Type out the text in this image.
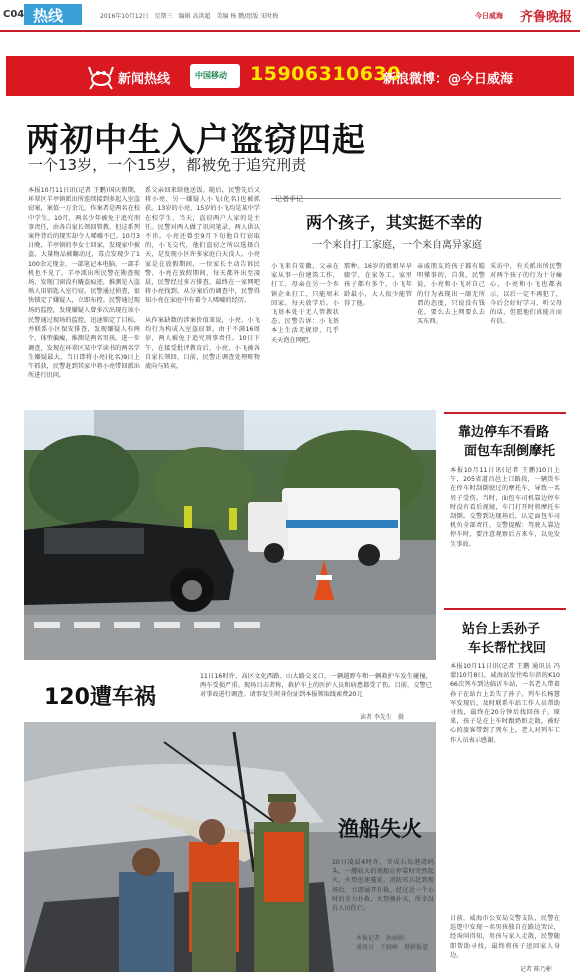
C04 热线	2016年10月12日　星期三　编辑 高洪超　美编 杨 鹏/组版 宋时梅	今日威海 齐鲁晚报
新闻热线	中国移动 15906310630
新浪微博：@今日威海
两初中生入户盗窃四起
一个13岁，一个15岁，都被免于追究刑责
本报10月11日讯(记者 王鹏)国庆假期，环翠区羊亭镇派出所连续接到多起入室盗窃案，案值一万余元，作案者是两名在校中学生。10月，两名少年被免于追究刑事责任，由各自家长领回管教。但这系列案件背后的现实却令人唏嘘不已。10月3日晚，羊亭镇的李女士回家，发现家中被盗，大量物品被翻动过，毒点发现少了1100余元现金，一部笔记本电脑，一部手机也不见了。羊亭派出所民警在勘查现场，发现门窗没有撬盗痕迹，推测是入盗熟人用钥匙入室行窃。民警通过侦查，很快锁定了嫌疑人，立即布控。民警通过现场的监控，发现嫌疑人曾多次出现在该小
民警通过现场的监控，迅速锁定了目标，并联系小区保安排查，发现嫌疑人有两个，体型偏瘦，推测是两名男孩。进一步调查，发现在环翠区某中学读书的两名学生嫌疑最大，当日即将小亮(化名)9日上午抓获，民警赶到其家中将小亮带回派出所进行讯问。
系父亲回来给他送饭。随后，民警先后又将小亮、另一嫌疑人小飞(化名)也被抓获。13岁的小亮、15岁的小飞均是某中学在校学生，当天，盗窃两户人家的是主任。民警对两人做了讯问笔录，两人供认不讳。小亮还曾至9月下旬他自行窃取的，小飞交代，他们盗窃之所以选择白天，是发现小区许多家庭白天没人。小亮家是在放假期间，一位家长主动告诉民警，小亮在放假期间，每天都外出至凌晨，民警经过多方排查，最终在一家网吧将小亮找到。从分案后的调查中，民警得知小亮在家庭中有着令人唏嘘的经历。
从作案缺数的涉案价值来说，小亮、小飞均行为构成入室盗窃罪。由于不满16周岁，两人被免于追究刑事责任。10日下午，在接受批评教育后，小亮、小飞被各自家长领回，目前，民警正调查处理赃物流向与转卖。
记者手记
两个孩子，其实挺不幸的
一个来自打工家庭，一个来自离异家庭
小飞来自安徽，父亲在家从事一份建筑工作，打工，母亲在另一个乡镇企业打工，只能周末回家。每天放学后，小飞基本处于无人管教状态。民警告诉：小飞基本上生活无规律，几乎天天泡在网吧。
那种。16岁的姐姐早早辍学，在家务工。家里孩子都有多个，小飞年龄最小，大人很少能管得了他。
亲戚朋友的孩子都有聪明懂事的，自我，民警说，小亮和小飞对自己的行为表现出一副无所谓的态度，只说没有钱花，要么去上网要么去买东西。
采访中，有关派出所民警对两个孩子的行为十分痛心，小亮和小飞也都表示，以后一定不再犯了，今后会好好学习、听父母的话，但愿他们真能言而有信。
120遭车祸
11日16时许，高区文化西路、山大路交叉口，一辆越野车和一辆救护车发生碰撞，两车受损严重。现场目击者称，救护车上的医护人员和病患都受了伤。目前，交警已对事故进行调查。请事发生时身份证到本报领取线索费20元
读者 李先生　摄
靠边停车不看路
面包车刮倒摩托
本报10月11日讯(记者 王鹏)10日上午，205省道昌邑上口路段，一辆货车在停车时刮倒驶过的摩托车，导致一名男子受伤。当时，面包车司机靠边停车时没有看后视镜，车门打开时将摩托车刮倒。交警到达现场后，认定面包车司机负全部责任。交警提醒：驾驶人靠边停车时，要注意观察后方来车，以免发生事故。
站台上丢孙子
车长帮忙找回
本报10月11日讯(记者 王鹏 通讯员 冯蒙)10月8日，威海站发往哈尔滨的K1066次列车到达临沂车站，一名老人带着孙子在站台上丢失了孙子，列车长杨慧军发现后，及时联系车站工作人员帮助寻找，最终在20分钟后找回孩子。原来，孩子是在上车时跟奶奶走散，被好心的旅客带到了列车上。老人对列车工作人员表示感谢。
日前，威海市公安局交警支队，民警在巡逻中发现一名男孩独自在路边哭泣，经询问得知，男孩与家人走散，民警随即帮助寻找，最终将孩子送回家人身边。
记者 陈乃彬
渔船失火
10日凌晨4时许，荣成石岛港湾码头，一艘较大的渔船在停靠时突然起火，火势迅速蔓延，消防官兵赶到现场后，立即展开扑救，经过近一个小时的全力扑救，火势被扑灭，所幸没有人员伤亡。
本报记者　孙丽娟
通讯员　于晓峰　摄影报道
